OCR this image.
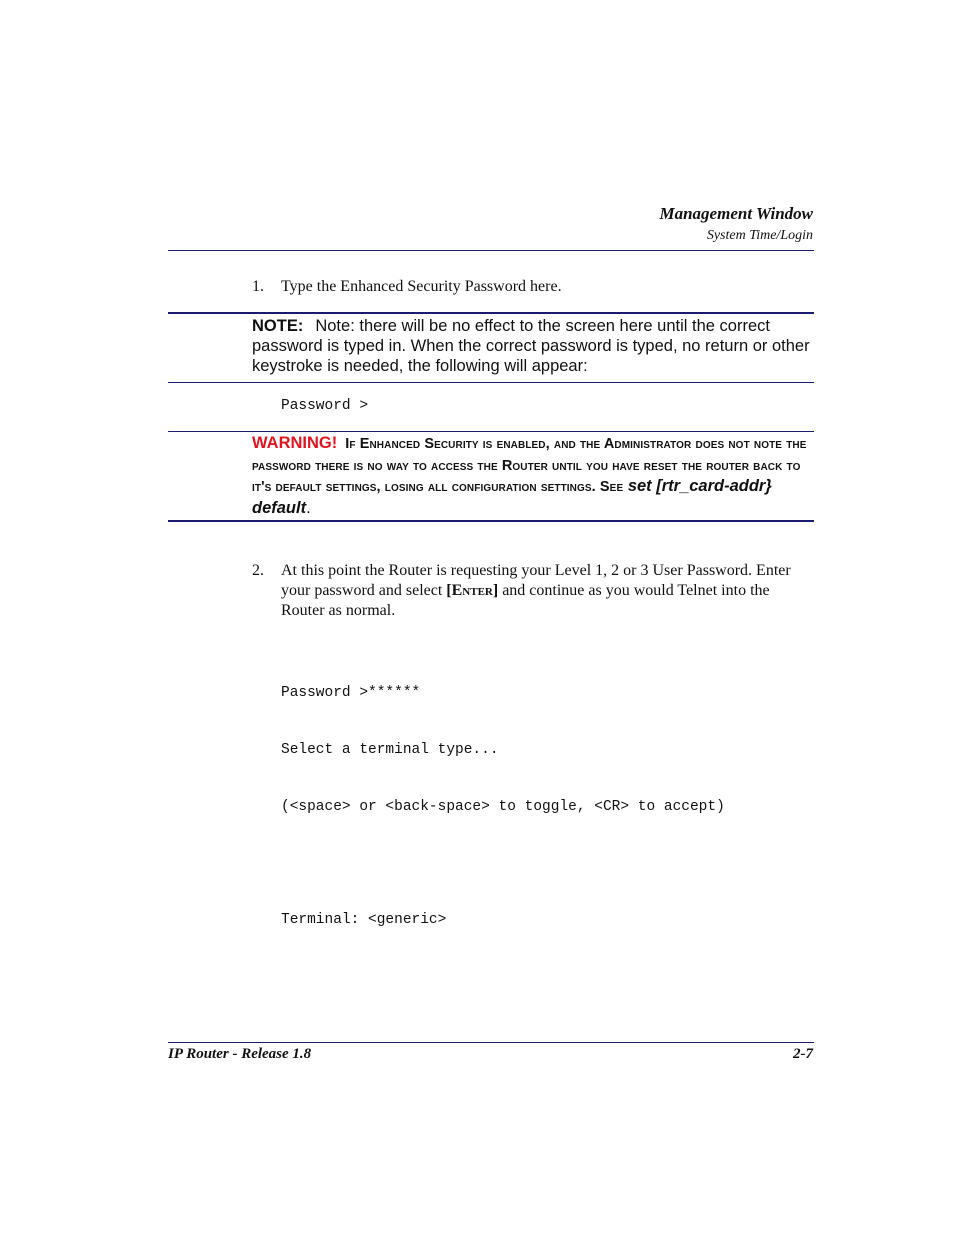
Management Window
System Time/Login
1. Type the Enhanced Security Password here.
NOTE: Note: there will be no effect to the screen here until the correct password is typed in. When the correct password is typed, no return or other keystroke is needed, the following will appear:
Password >
WARNING! If Enhanced Security is enabled, and the Administrator does not note the password there is no way to access the Router until you have reset the router back to it's default settings, losing all configuration settings. See set [rtr_card-addr} default.
2. At this point the Router is requesting your Level 1, 2 or 3 User Password. Enter your password and select [Enter] and continue as you would Telnet into the Router as normal.

Password >******

Select a terminal type...

(<space> or <back-space> to toggle, <CR> to accept)

Terminal: <generic>

IP Router - Release 1.8	2-7
